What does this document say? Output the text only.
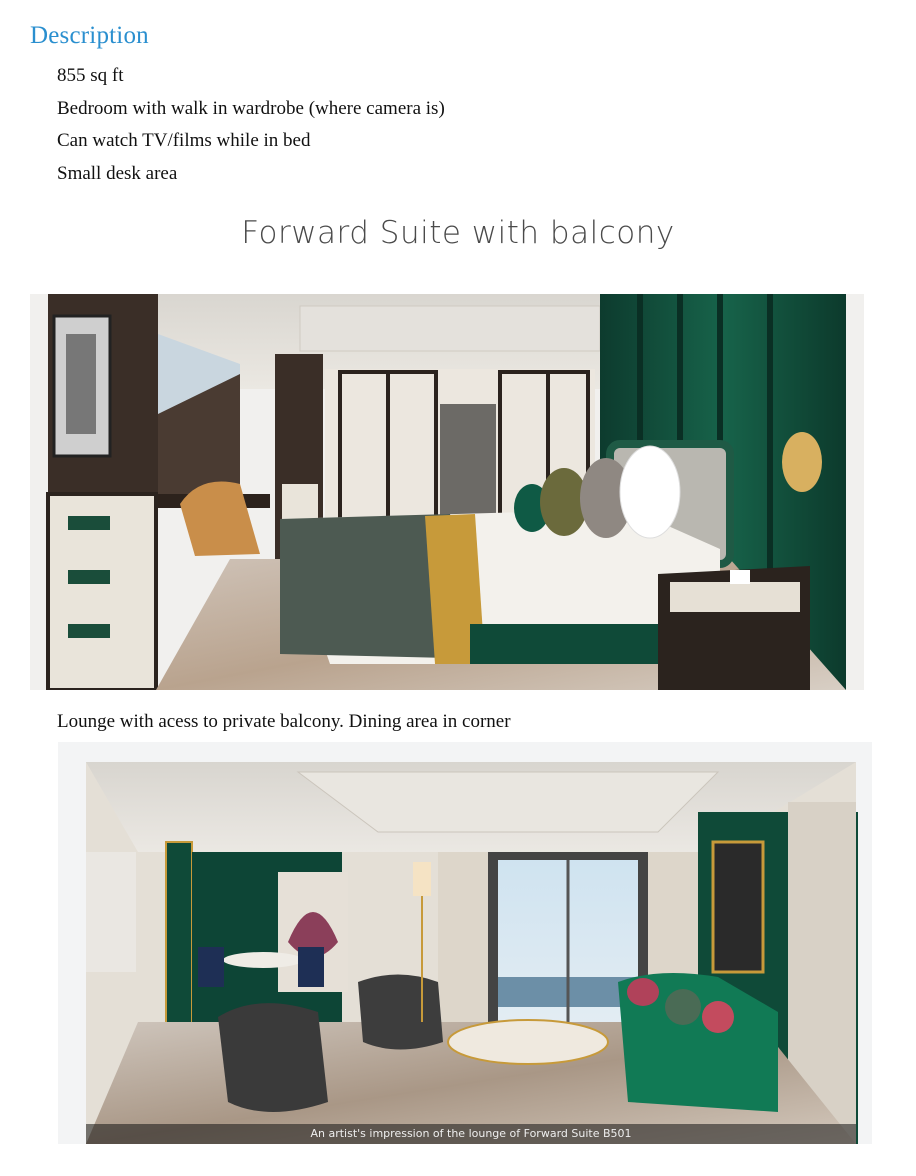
Description
855 sq ft
Bedroom with walk in wardrobe (where camera is)
Can watch TV/films while in bed
Small desk area
Forward Suite with balcony
Lounge with acess to private balcony. Dining area in corner
An artist's impression of the lounge of Forward Suite B501
